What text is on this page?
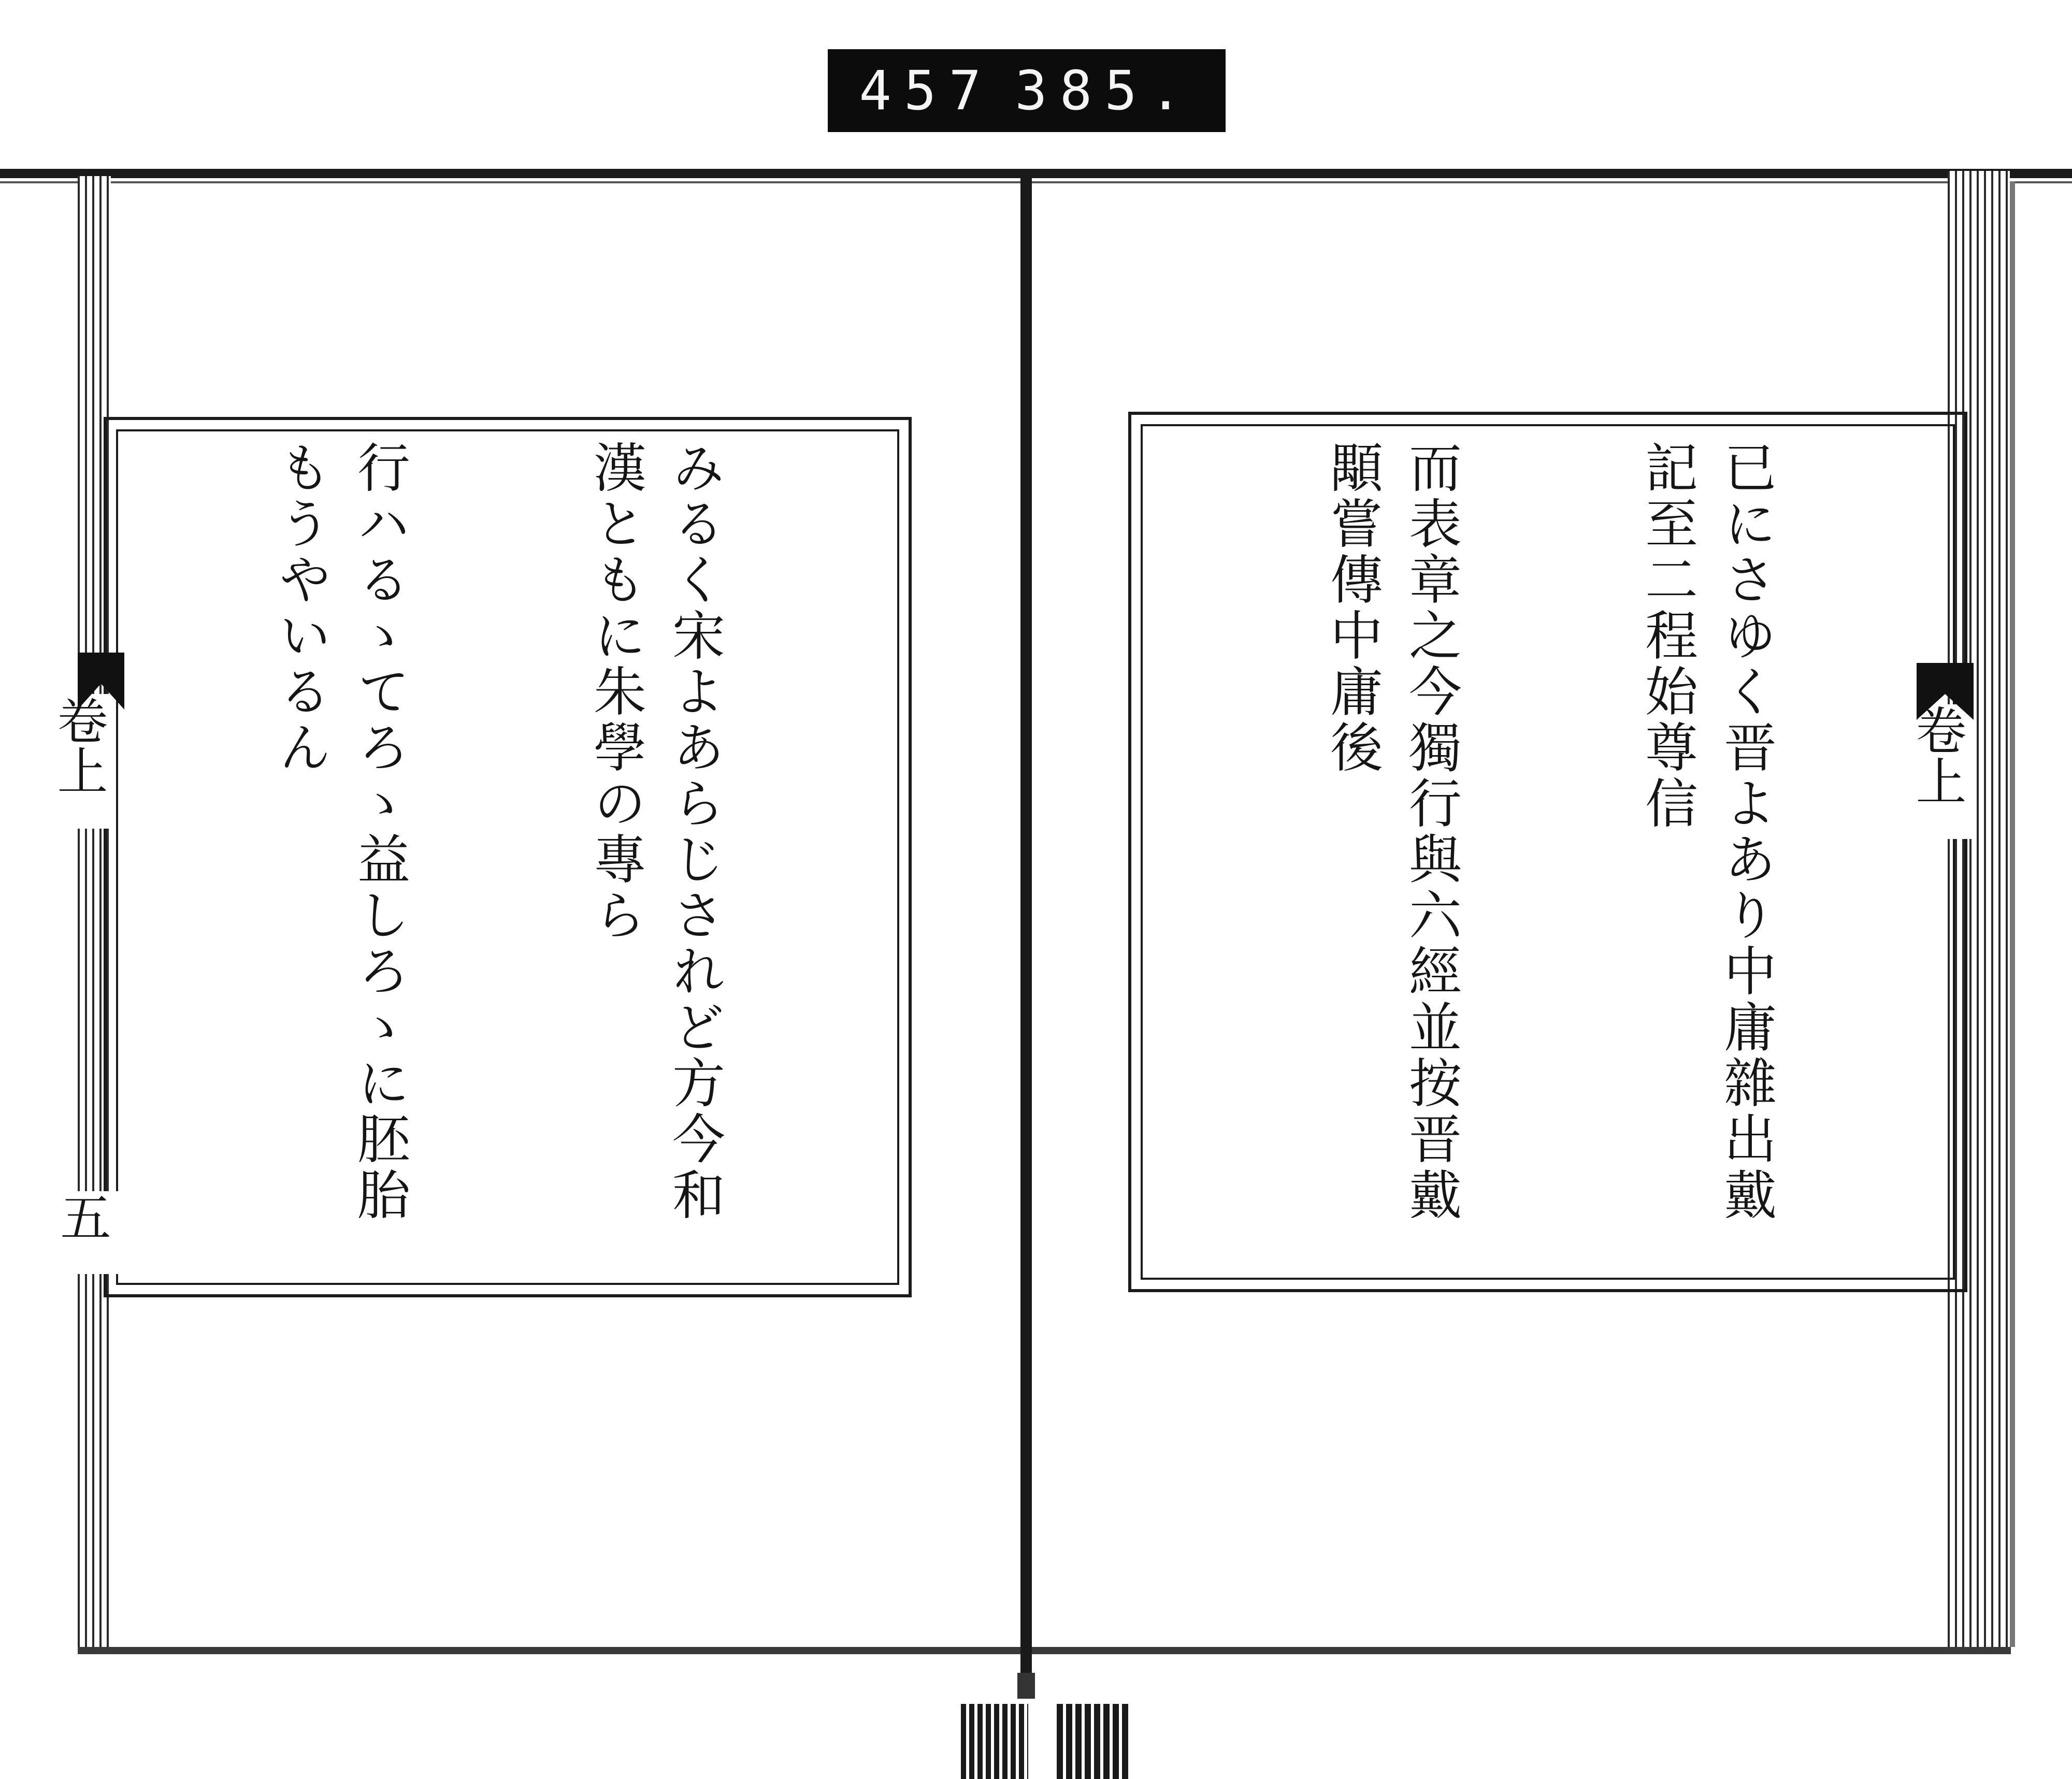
457 385.

みるく宋よあらじされど方今和漢ともに朱學の專ら

行ハるゝてろゝ益しろゝに胚胎もうやいるん

	已にさゆく晋よあり中庸雜出戴記至二程始尊信

而表章之今獨行與六經並按晋戴顒嘗傳中庸後

卷上
五
卷上
